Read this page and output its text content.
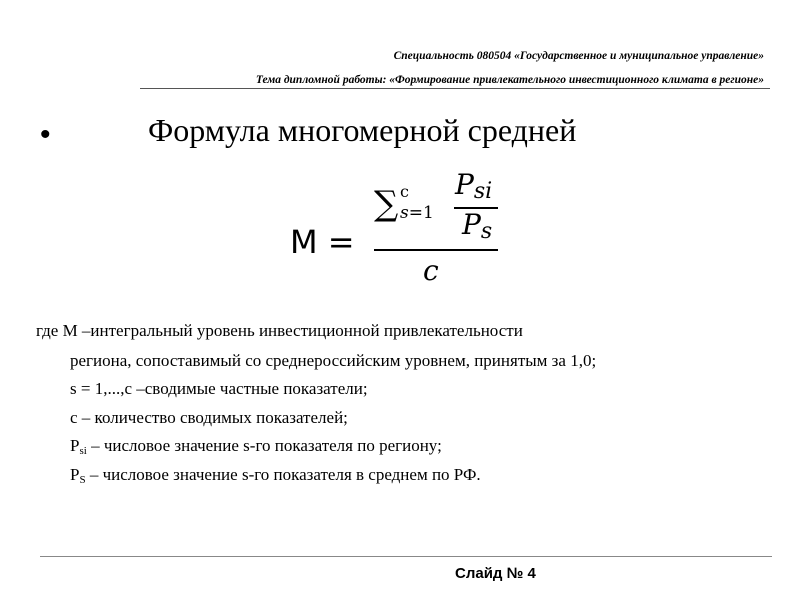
Специальность 080504 «Государственное и муниципальное управление»
Тема дипломной работы: «Формирование привлекательного инвестиционного климата в регионе»
•	Формула многомерной средней
M =
∑ c
s=1
$P_{si}$
$P_s$
c
где М –интегральный уровень инвестиционной привлекательности
региона, сопоставимый со среднероссийским уровнем, принятым за 1,0;
s = 1,...,c –сводимые частные показатели;
c – количество сводимых показателей;
$P_{si}$ – числовое значение s-го показателя по региону;
$P_S$ – числовое значение s-го показателя в среднем по РФ.
Слайд № 4
